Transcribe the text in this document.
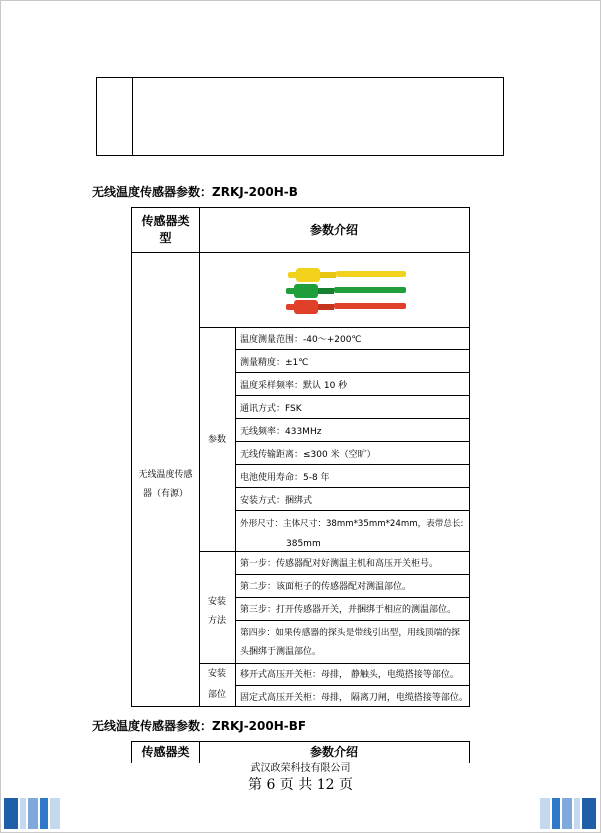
无线温度传感器参数：ZRKJ-200H-B
传感器类
型
参数介绍
无线温度传感
器（有源）
参数
安装
方法
安装
部位
温度测量范围：-40～+200℃
测量精度：±1℃
温度采样频率：默认 10 秒
通讯方式：FSK
无线频率：433MHz
无线传输距离：≤300 米（空旷）
电池使用寿命：5-8 年
安装方式：捆绑式
外形尺寸：主体尺寸：38mm*35mm*24mm，表带总长:
385mm
第一步：传感器配对好测温主机和高压开关柜号。
第二步：该面柜子的传感器配对测温部位。
第三步：打开传感器开关，并捆绑于相应的测温部位。
第四步：如果传感器的探头是带线引出型，用线顶端的探
头捆绑于测温部位。
移开式高压开关柜：母排， 静触头，电缆搭接等部位。
固定式高压开关柜：母排， 隔离刀闸，电缆搭接等部位。
无线温度传感器参数：ZRKJ-200H-BF
传感器类	参数介绍
武汉政荣科技有限公司
第 6 页 共 12 页
